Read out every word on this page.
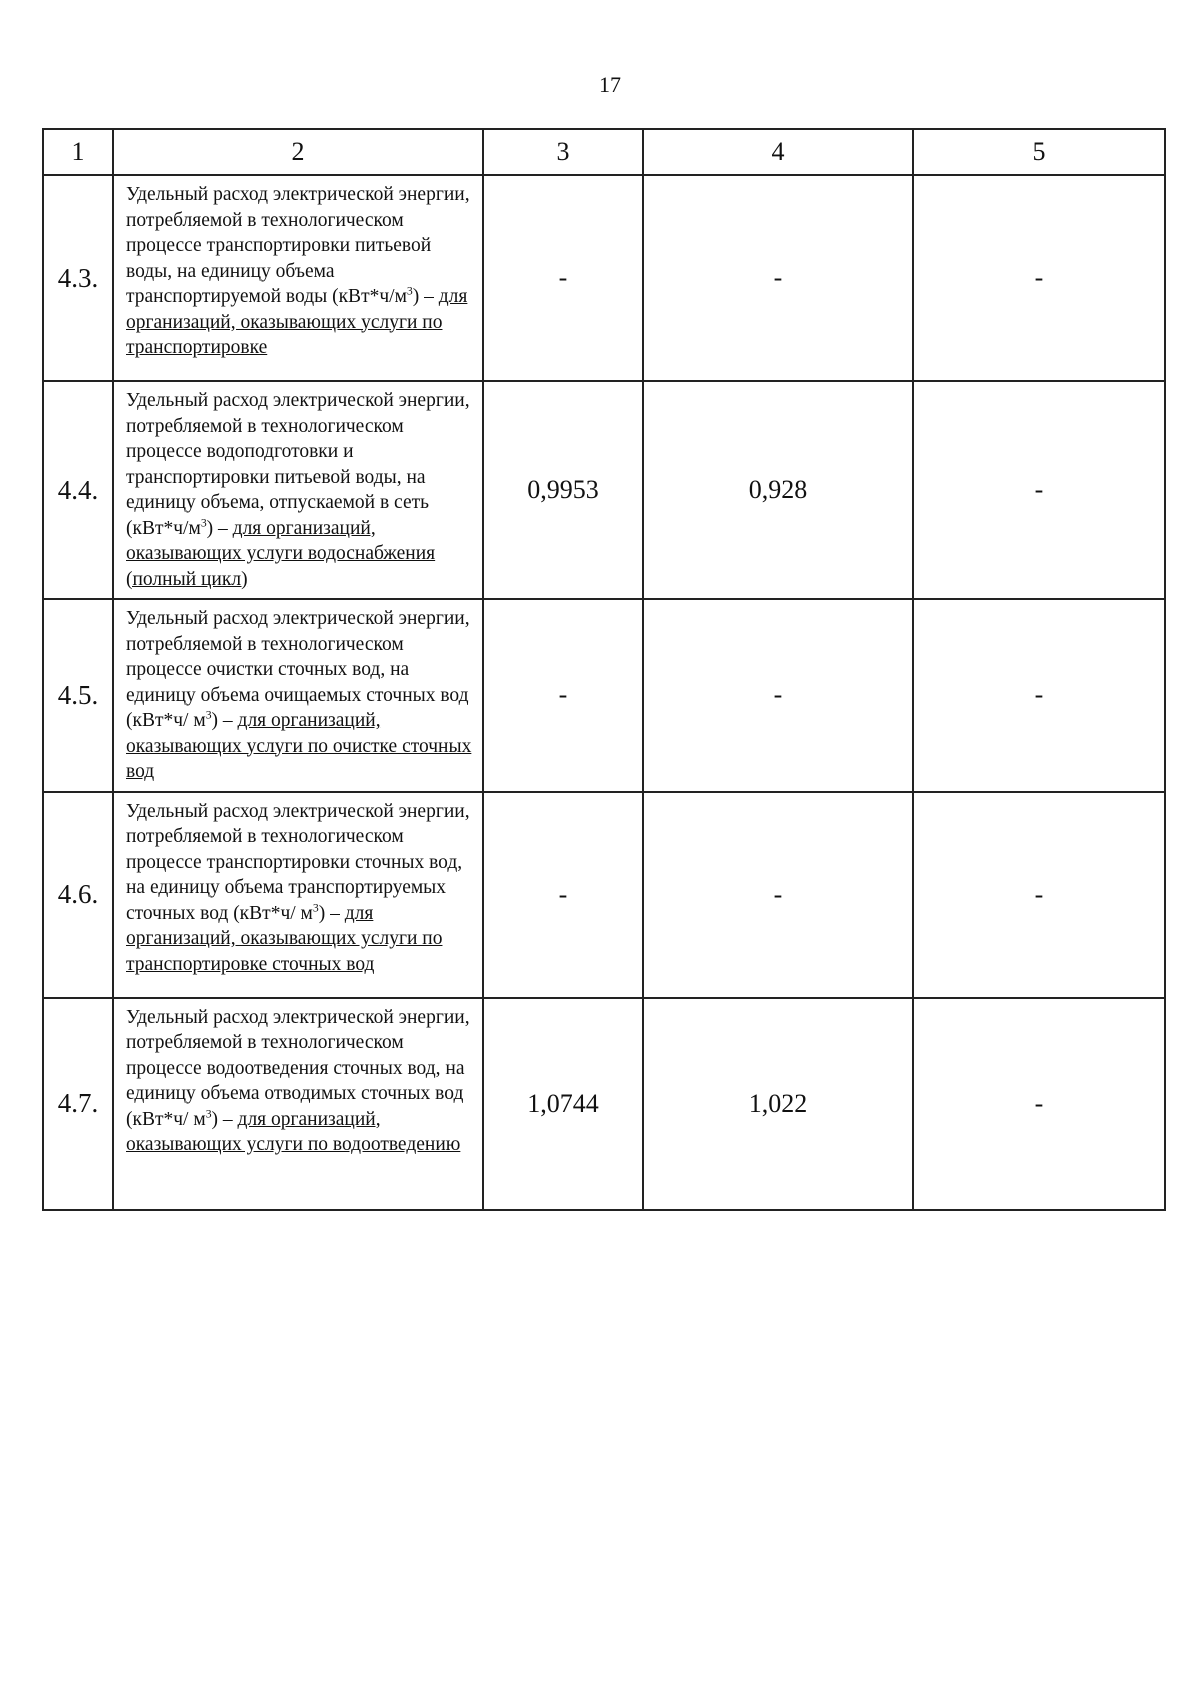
17
1	2	3	4	5
4.3.	Удельный расход электрической энергии, потребляемой в технологическом процессе транспортировки питьевой воды, на единицу объема транспортируемой воды $(кВт*ч/м^3)$ – для организаций, оказывающих услуги по транспортировке	-	-	-
4.4.	Удельный расход электрической энергии, потребляемой в технологическом процессе водоподготовки и транспортировки питьевой воды, на единицу объема, отпускаемой в сеть $(кВт*ч/м^3)$ – для организаций, оказывающих услуги водоснабжения (полный цикл)	0,9953	0,928	-
4.5.	Удельный расход электрической энергии, потребляемой в технологическом процессе очистки сточных вод, на единицу объема очищаемых сточных вод (кВт*ч/ $м^3$) – для организаций, оказывающих услуги по очистке сточных вод	-	-	-
4.6.	Удельный расход электрической энергии, потребляемой в технологическом процессе транспортировки сточных вод, на единицу объема транспортируемых сточных вод (кВт*ч/ $м^3$) – для организаций, оказывающих услуги по транспортировке сточных вод	-	-	-
4.7.	Удельный расход электрической энергии, потребляемой в технологическом процессе водоотведения сточных вод, на единицу объема отводимых сточных вод (кВт*ч/ $м^3$) – для организаций, оказывающих услуги по водоотведению	1,0744	1,022	-
